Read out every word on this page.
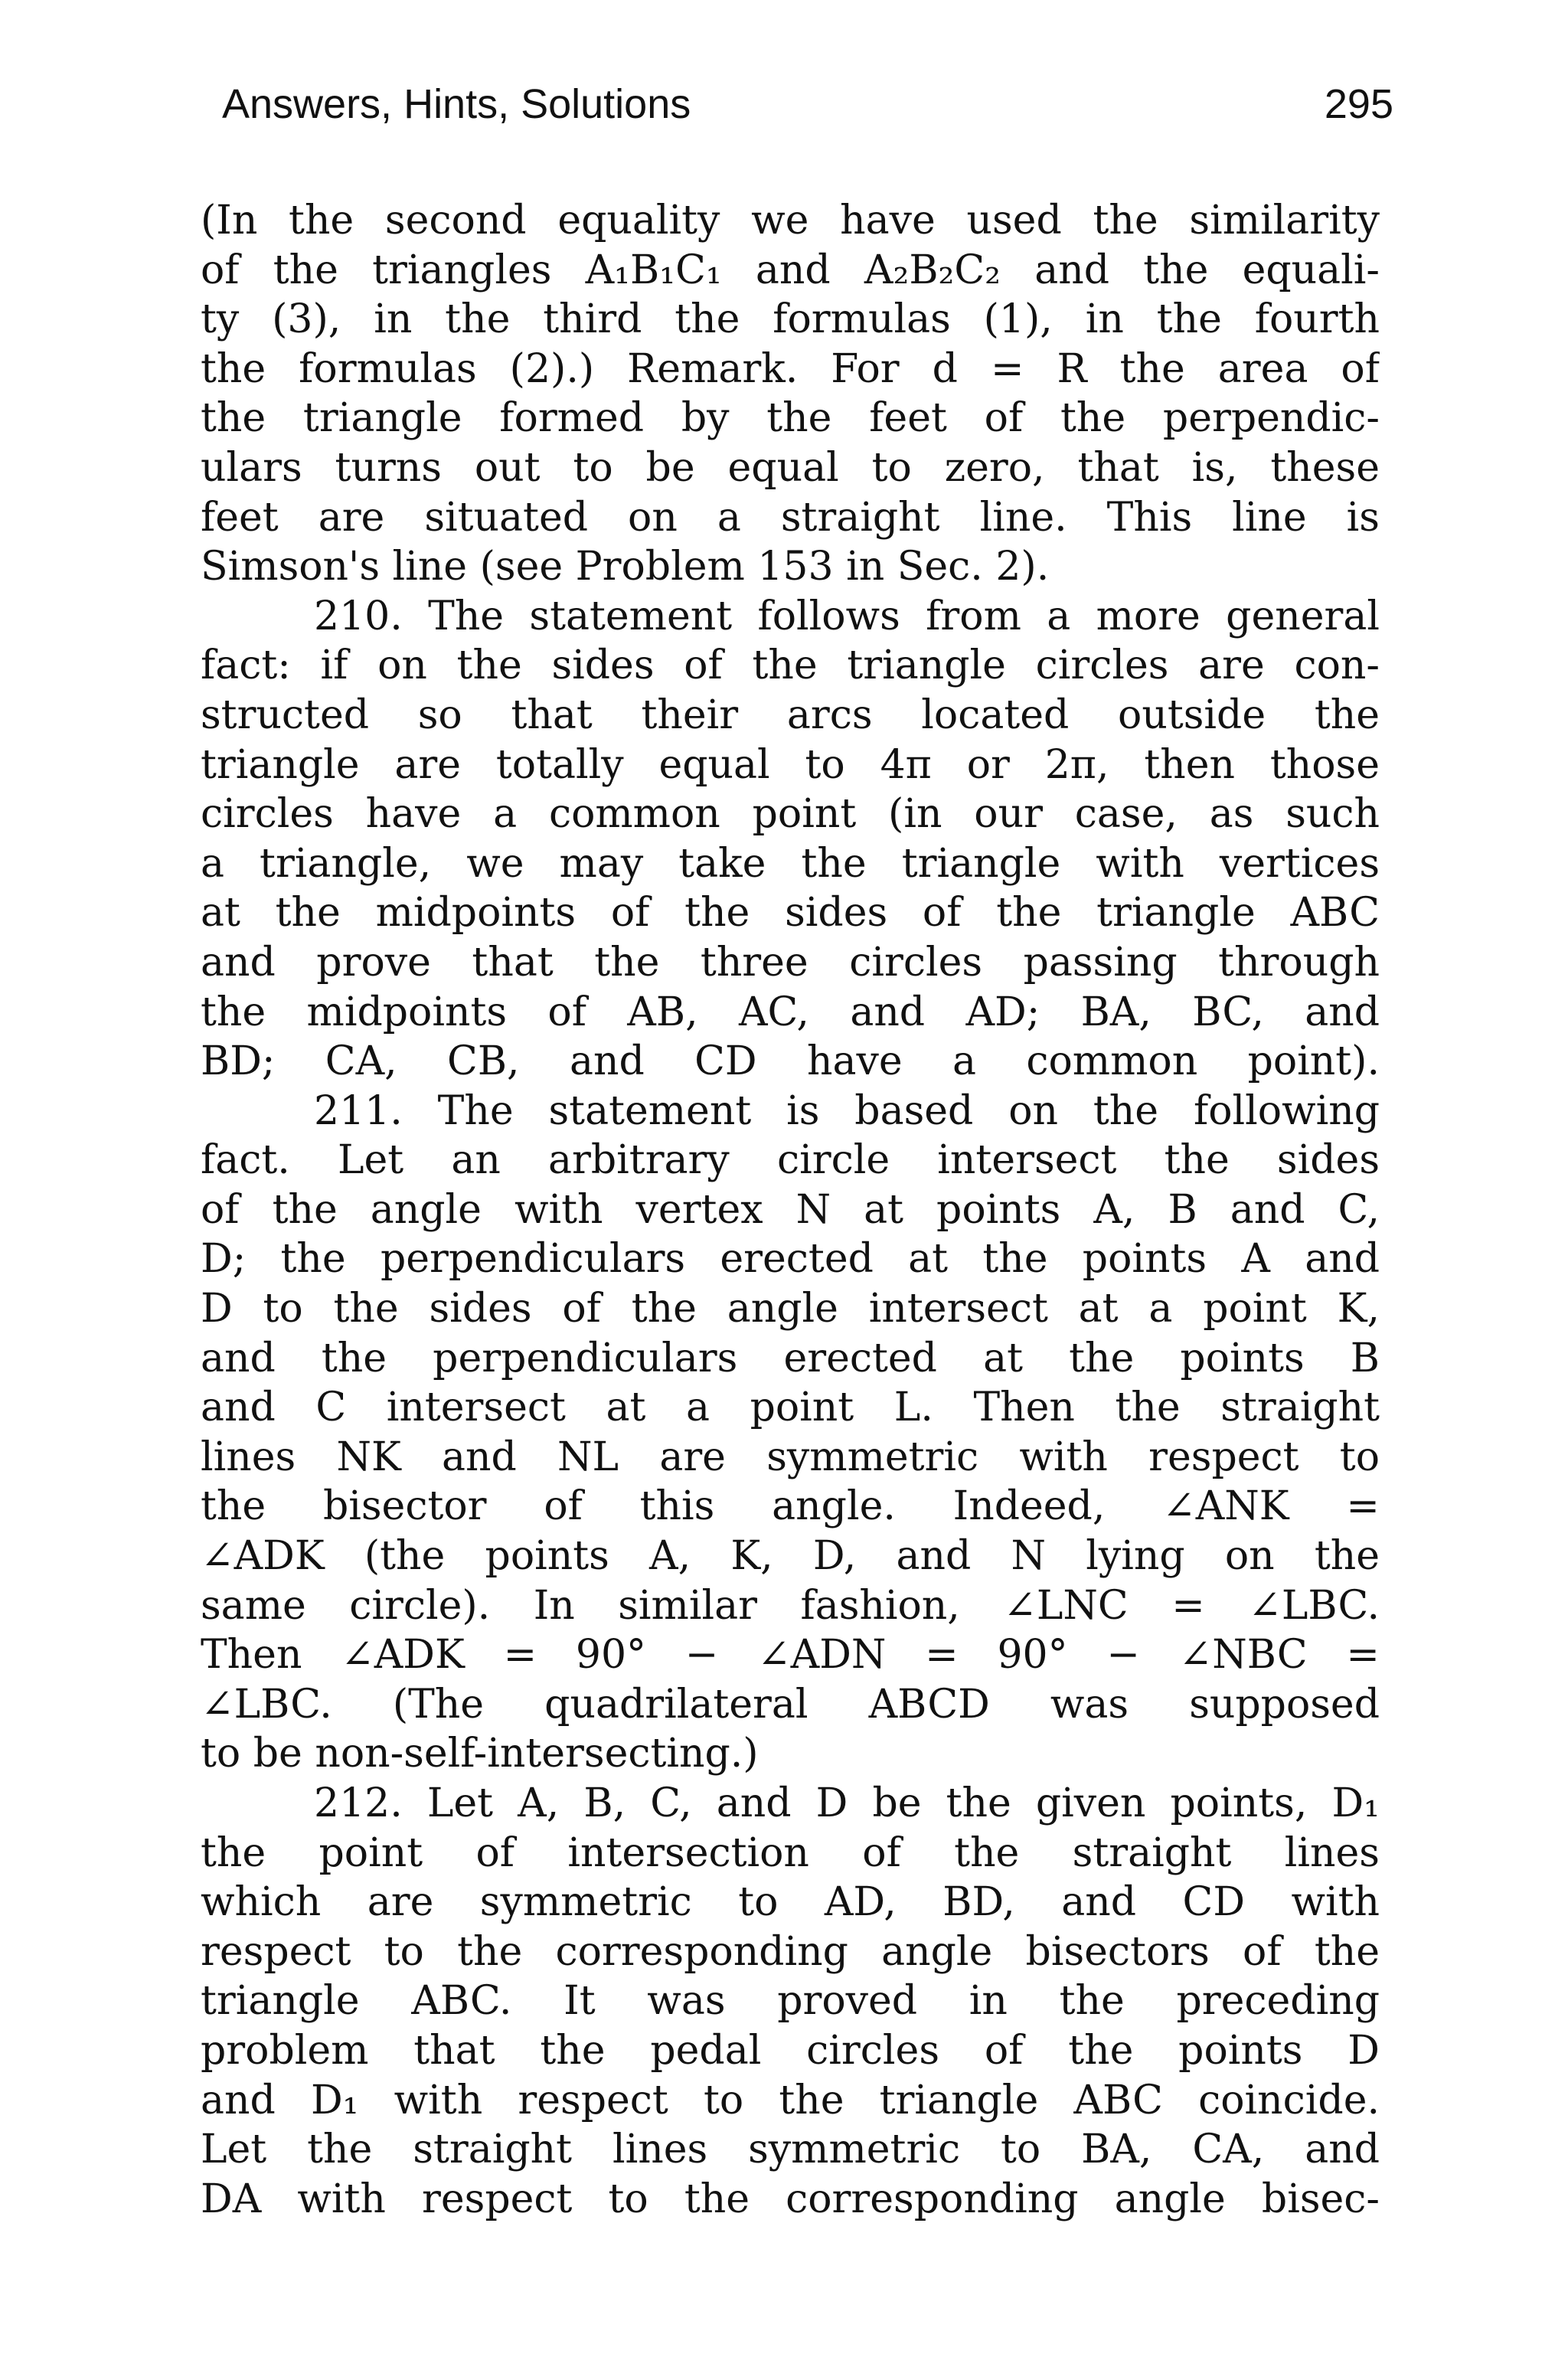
Answers, Hints, Solutions	295
(In the second equality we have used the similarity
of the triangles A₁B₁C₁ and A₂B₂C₂ and the equali-
ty (3), in the third the formulas (1), in the fourth
the formulas (2).) Remark. For d = R the area of
the triangle formed by the feet of the perpendic-
ulars turns out to be equal to zero, that is, these
feet are situated on a straight line. This line is
Simson's line (see Problem 153 in Sec. 2).
210. The statement follows from a more general
fact: if on the sides of the triangle circles are con-
structed so that their arcs located outside the
triangle are totally equal to 4π or 2π, then those
circles have a common point (in our case, as such
a triangle, we may take the triangle with vertices
at the midpoints of the sides of the triangle ABC
and prove that the three circles passing through
the midpoints of AB, AC, and AD; BA, BC, and
BD; CA, CB, and CD have a common point).
211. The statement is based on the following
fact. Let an arbitrary circle intersect the sides
of the angle with vertex N at points A, B and C,
D; the perpendiculars erected at the points A and
D to the sides of the angle intersect at a point K,
and the perpendiculars erected at the points B
and C intersect at a point L. Then the straight
lines NK and NL are symmetric with respect to
the bisector of this angle. Indeed, ∠ANK =
∠ADK (the points A, K, D, and N lying on the
same circle). In similar fashion, ∠LNC = ∠LBC.
Then ∠ADK = 90° − ∠ADN = 90° − ∠NBC =
∠LBC. (The quadrilateral ABCD was supposed
to be non-self-intersecting.)
212. Let A, B, C, and D be the given points, D₁
the point of intersection of the straight lines
which are symmetric to AD, BD, and CD with
respect to the corresponding angle bisectors of the
triangle ABC. It was proved in the preceding
problem that the pedal circles of the points D
and D₁ with respect to the triangle ABC coincide.
Let the straight lines symmetric to BA, CA, and
DA with respect to the corresponding angle bisec-
